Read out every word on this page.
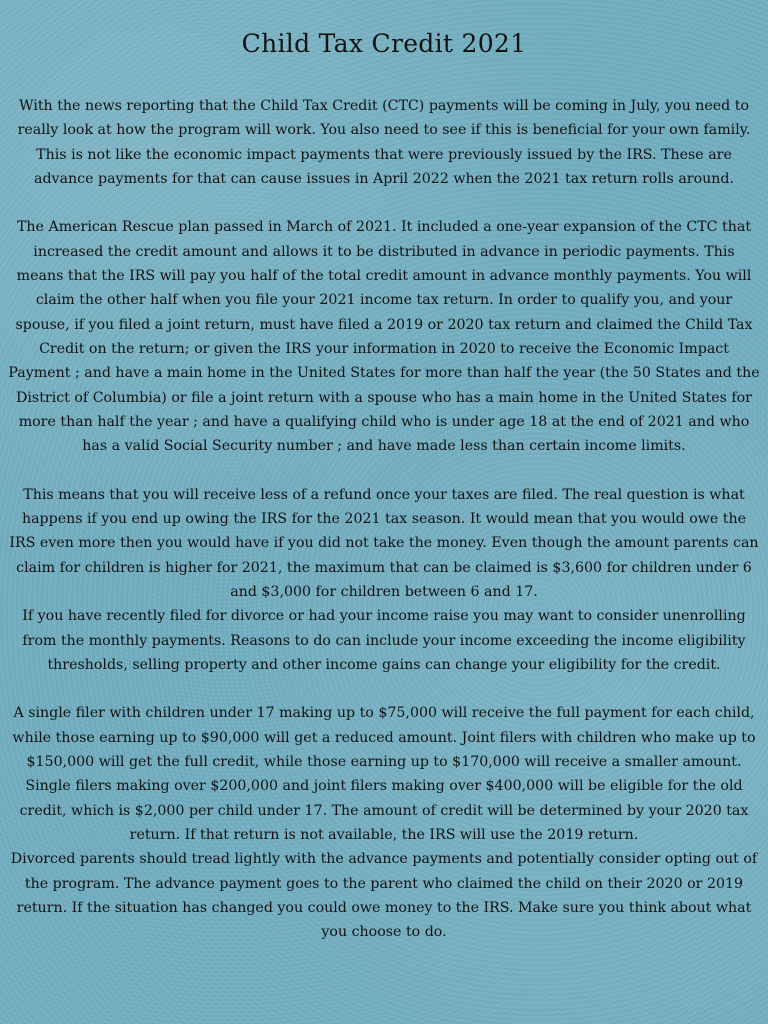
Child Tax Credit 2021

With the news reporting that the Child Tax Credit (CTC) payments will be coming in July, you need to really look at how the program will work. You also need to see if this is beneficial for your own family. This is not like the economic impact payments that were previously issued by the IRS. These are advance payments for that can cause issues in April 2022 when the 2021 tax return rolls around.

The American Rescue plan passed in March of 2021. It included a one-year expansion of the CTC that increased the credit amount and allows it to be distributed in advance in periodic payments. This means that the IRS will pay you half of the total credit amount in advance monthly payments. You will claim the other half when you file your 2021 income tax return. In order to qualify you, and your spouse, if you filed a joint return, must have filed a 2019 or 2020 tax return and claimed the Child Tax Credit on the return; or given the IRS your information in 2020 to receive the Economic Impact Payment ; and have a main home in the United States for more than half the year (the 50 States and the District of Columbia) or file a joint return with a spouse who has a main home in the United States for more than half the year ; and have a qualifying child who is under age 18 at the end of 2021 and who has a valid Social Security number ; and have made less than certain income limits.

This means that you will receive less of a refund once your taxes are filed. The real question is what happens if you end up owing the IRS for the 2021 tax season. It would mean that you would owe the IRS even more then you would have if you did not take the money. Even though the amount parents can claim for children is higher for 2021, the maximum that can be claimed is $3,600 for children under 6 and $3,000 for children between 6 and 17.

If you have recently filed for divorce or had your income raise you may want to consider unenrolling from the monthly payments. Reasons to do can include your income exceeding the income eligibility thresholds, selling property and other income gains can change your eligibility for the credit.

A single filer with children under 17 making up to $75,000 will receive the full payment for each child, while those earning up to $90,000 will get a reduced amount. Joint filers with children who make up to $150,000 will get the full credit, while those earning up to $170,000 will receive a smaller amount. Single filers making over $200,000 and joint filers making over $400,000 will be eligible for the old credit, which is $2,000 per child under 17. The amount of credit will be determined by your 2020 tax return. If that return is not available, the IRS will use the 2019 return.

Divorced parents should tread lightly with the advance payments and potentially consider opting out of the program. The advance payment goes to the parent who claimed the child on their 2020 or 2019 return. If the situation has changed you could owe money to the IRS. Make sure you think about what you choose to do.
